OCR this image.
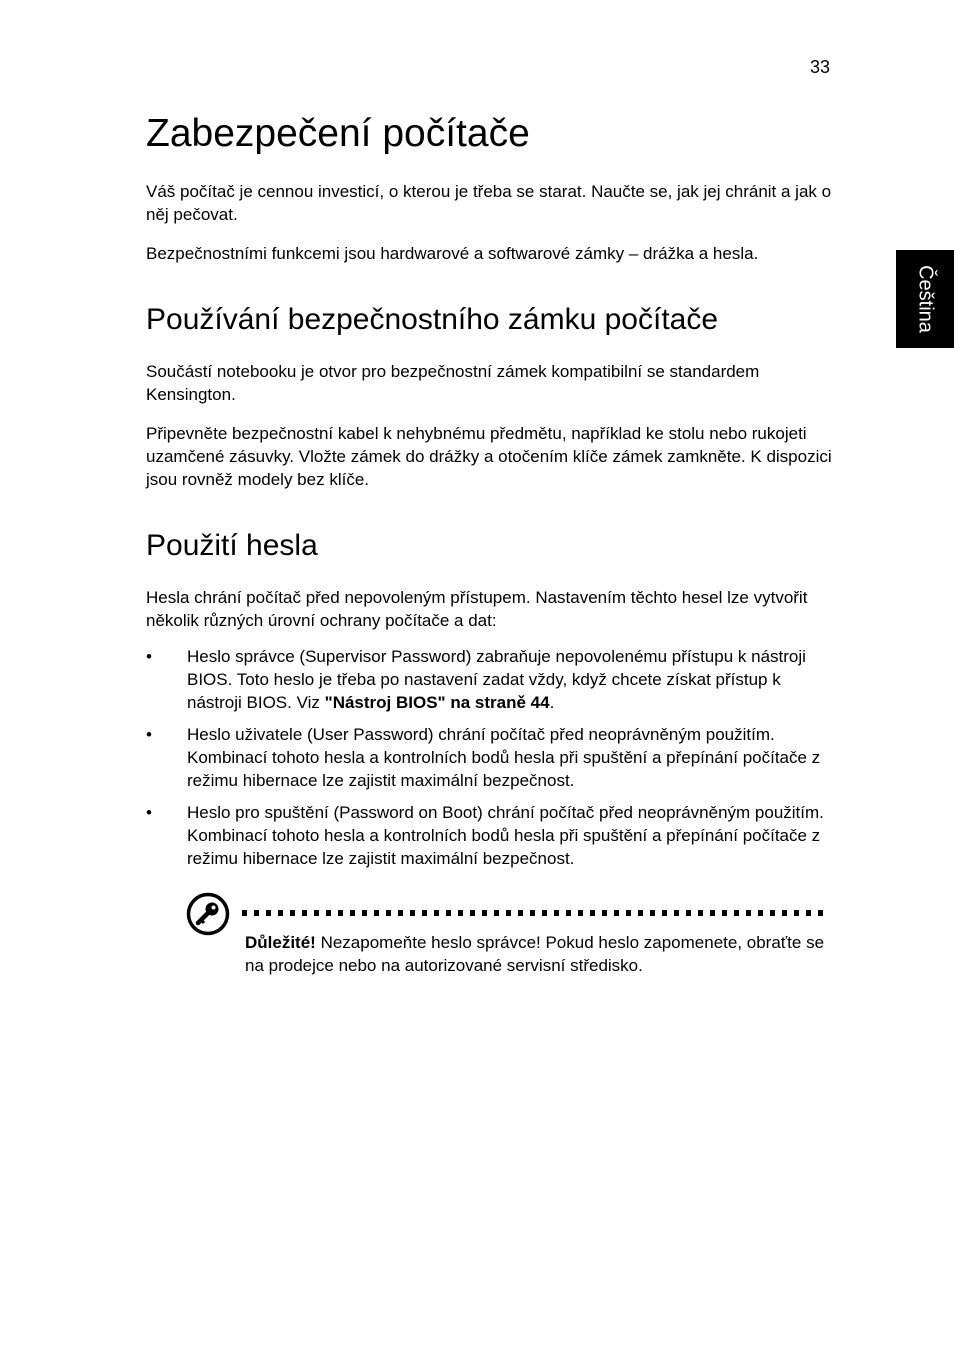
33
Čeština
Zabezpečení počítače

Váš počítač je cennou investicí, o kterou je třeba se starat. Naučte se, jak jej chránit a jak o něj pečovat.

Bezpečnostními funkcemi jsou hardwarové a softwarové zámky – drážka a hesla.

Používání bezpečnostního zámku počítače

Součástí notebooku je otvor pro bezpečnostní zámek kompatibilní se standardem Kensington.

Připevněte bezpečnostní kabel k nehybnému předmětu, například ke stolu nebo rukojeti uzamčené zásuvky. Vložte zámek do drážky a otočením klíče zámek zamkněte. K dispozici jsou rovněž modely bez klíče.

Použití hesla

Hesla chrání počítač před nepovoleným přístupem. Nastavením těchto hesel lze vytvořit několik různých úrovní ochrany počítače a dat:

• Heslo správce (Supervisor Password) zabraňuje nepovolenému přístupu k nástroji BIOS. Toto heslo je třeba po nastavení zadat vždy, když chcete získat přístup k nástroji BIOS. Viz "Nástroj BIOS" na straně 44.
• Heslo uživatele (User Password) chrání počítač před neoprávněným použitím. Kombinací tohoto hesla a kontrolních bodů hesla při spuštění a přepínání počítače z režimu hibernace lze zajistit maximální bezpečnost.
• Heslo pro spuštění (Password on Boot) chrání počítač před neoprávněným použitím. Kombinací tohoto hesla a kontrolních bodů hesla při spuštění a přepínání počítače z režimu hibernace lze zajistit maximální bezpečnost.

Důležité! Nezapomeňte heslo správce! Pokud heslo zapomenete, obraťte se na prodejce nebo na autorizované servisní středisko.
